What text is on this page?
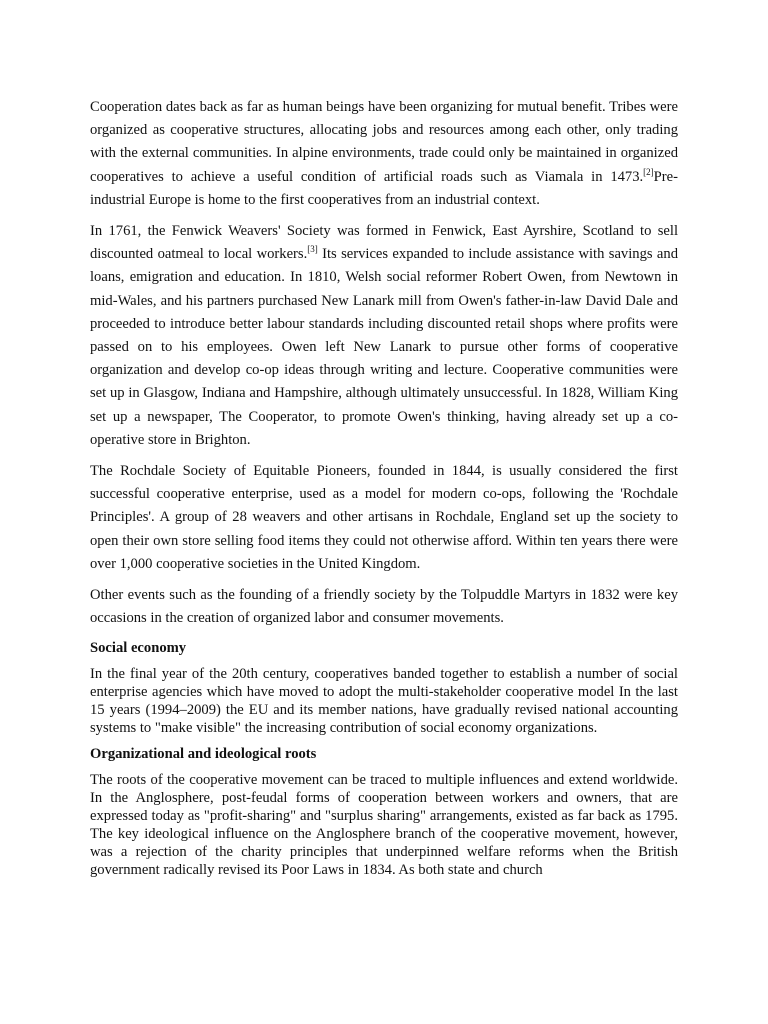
Cooperation dates back as far as human beings have been organizing for mutual benefit. Tribes were organized as cooperative structures, allocating jobs and resources among each other, only trading with the external communities. In alpine environments, trade could only be maintained in organized cooperatives to achieve a useful condition of artificial roads such as Viamala in 1473.[2]Pre-industrial Europe is home to the first cooperatives from an industrial context.

In 1761, the Fenwick Weavers' Society was formed in Fenwick, East Ayrshire, Scotland to sell discounted oatmeal to local workers.[3] Its services expanded to include assistance with savings and loans, emigration and education. In 1810, Welsh social reformer Robert Owen, from Newtown in mid-Wales, and his partners purchased New Lanark mill from Owen's father-in-law David Dale and proceeded to introduce better labour standards including discounted retail shops where profits were passed on to his employees. Owen left New Lanark to pursue other forms of cooperative organization and develop co-op ideas through writing and lecture. Cooperative communities were set up in Glasgow, Indiana and Hampshire, although ultimately unsuccessful. In 1828, William King set up a newspaper, The Cooperator, to promote Owen's thinking, having already set up a co-operative store in Brighton.

The Rochdale Society of Equitable Pioneers, founded in 1844, is usually considered the first successful cooperative enterprise, used as a model for modern co-ops, following the 'Rochdale Principles'. A group of 28 weavers and other artisans in Rochdale, England set up the society to open their own store selling food items they could not otherwise afford. Within ten years there were over 1,000 cooperative societies in the United Kingdom.

Other events such as the founding of a friendly society by the Tolpuddle Martyrs in 1832 were key occasions in the creation of organized labor and consumer movements.

Social economy

In the final year of the 20th century, cooperatives banded together to establish a number of social enterprise agencies which have moved to adopt the multi-stakeholder cooperative model In the last 15 years (1994–2009) the EU and its member nations, have gradually revised national accounting systems to "make visible" the increasing contribution of social economy organizations.

Organizational and ideological roots

The roots of the cooperative movement can be traced to multiple influences and extend worldwide. In the Anglosphere, post-feudal forms of cooperation between workers and owners, that are expressed today as "profit-sharing" and "surplus sharing" arrangements, existed as far back as 1795. The key ideological influence on the Anglosphere branch of the cooperative movement, however, was a rejection of the charity principles that underpinned welfare reforms when the British government radically revised its Poor Laws in 1834. As both state and church
